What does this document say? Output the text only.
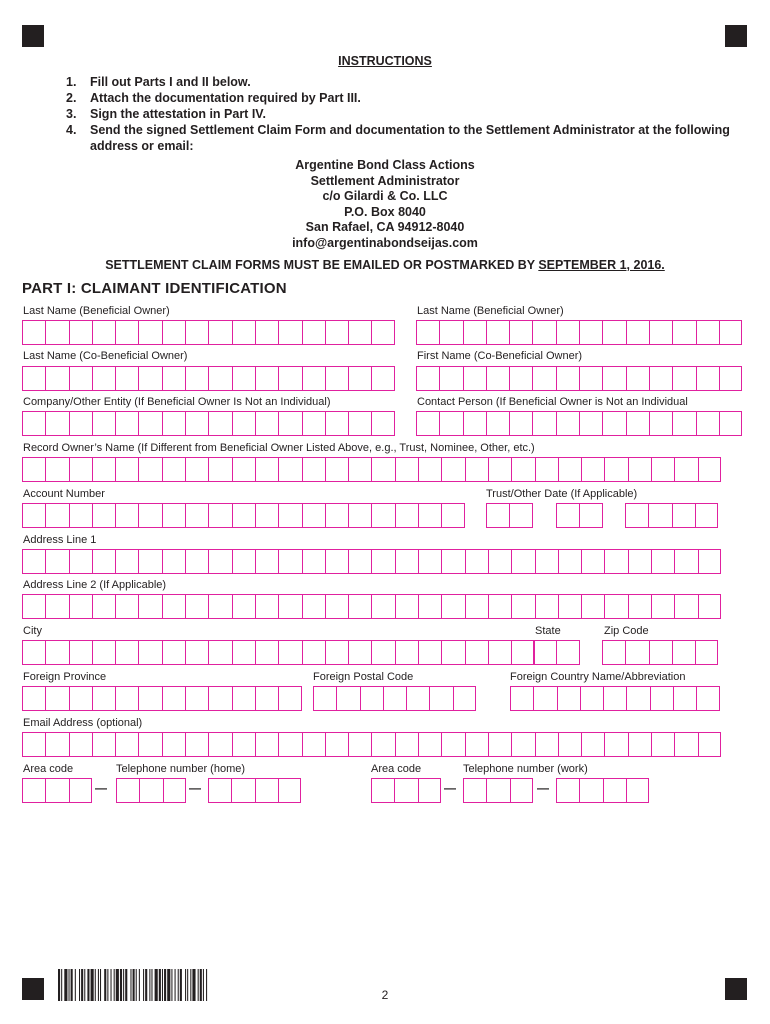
INSTRUCTIONS
1. Fill out Parts I and II below.
2. Attach the documentation required by Part III.
3. Sign the attestation in Part IV.
4. Send the signed Settlement Claim Form and documentation to the Settlement Administrator at the following address or email:
Argentine Bond Class Actions
Settlement Administrator
c/o Gilardi & Co. LLC
P.O. Box 8040
San Rafael, CA 94912-8040
info@argentinabondseijas.com
SETTLEMENT CLAIM FORMS MUST BE EMAILED OR POSTMARKED BY SEPTEMBER 1, 2016.
PART I: CLAIMANT IDENTIFICATION
Last Name (Beneficial Owner)	Last Name (Beneficial Owner)
Last Name (Co-Beneficial Owner)	First Name (Co-Beneficial Owner)
Company/Other Entity (If Beneficial Owner Is Not an Individual)	Contact Person (If Beneficial Owner is Not an Individual
Record Owner’s Name (If Different from Beneficial Owner Listed Above, e.g., Trust, Nominee, Other, etc.)
Account Number	Trust/Other Date (If Applicable)
Address Line 1
Address Line 2 (If Applicable)
City	State	Zip Code
Foreign Province	Foreign Postal Code	Foreign Country Name/Abbreviation
Email Address (optional)
Area code	Telephone number (home)	Area code	Telephone number (work)
—	—	—	—
2
